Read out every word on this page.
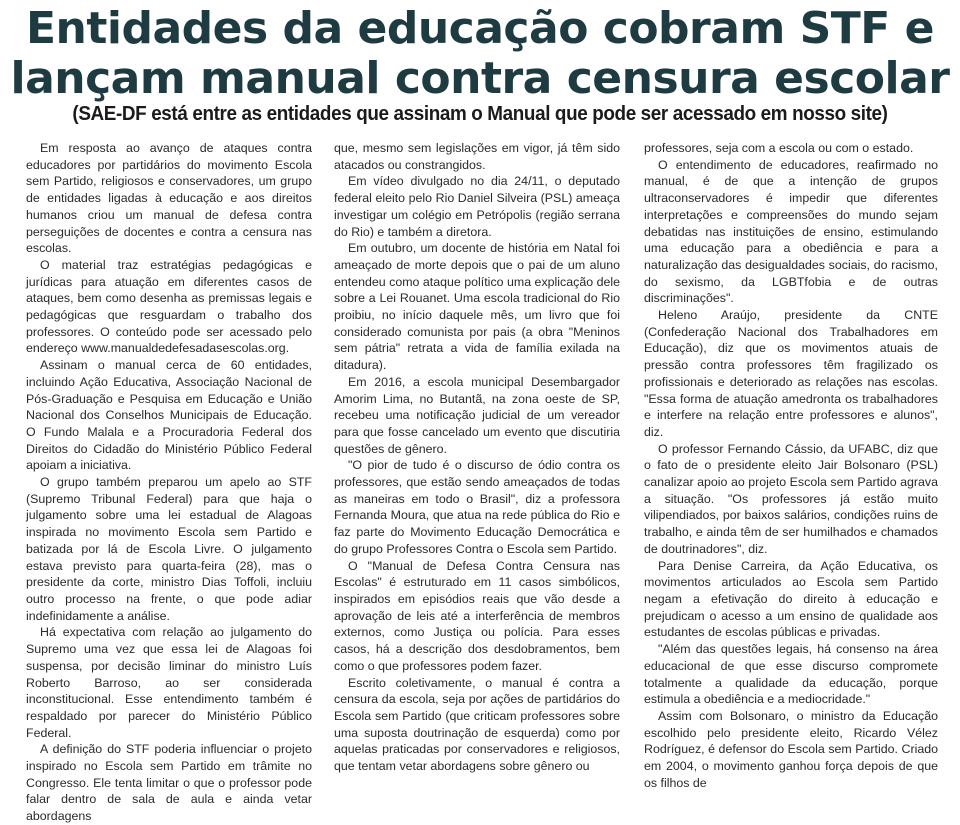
Entidades da educação cobram STF e
lançam manual contra censura escolar
(SAE-DF está entre as entidades que assinam o Manual que pode ser acessado em nosso site)

Em resposta ao avanço de ataques contra educadores por partidários do movimento Escola sem Partido, religiosos e conservadores, um grupo de entidades ligadas à educação e aos direitos humanos criou um manual de defesa contra perseguições de docentes e contra a censura nas escolas.

O material traz estratégias pedagógicas e jurídicas para atuação em diferentes casos de ataques, bem como desenha as premissas legais e pedagógicas que resguardam o trabalho dos professores. O conteúdo pode ser acessado pelo endereço www.manualdedefesadasescolas.org.

Assinam o manual cerca de 60 entidades, incluindo Ação Educativa, Associação Nacional de Pós-Graduação e Pesquisa em Educação e União Nacional dos Conselhos Municipais de Educação. O Fundo Malala e a Procuradoria Federal dos Direitos do Cidadão do Ministério Público Federal apoiam a iniciativa.

O grupo também preparou um apelo ao STF (Supremo Tribunal Federal) para que haja o julgamento sobre uma lei estadual de Alagoas inspirada no movimento Escola sem Partido e batizada por lá de Escola Livre. O julgamento estava previsto para quarta-feira (28), mas o presidente da corte, ministro Dias Toffoli, incluiu outro processo na frente, o que pode adiar indefinidamente a análise.

Há expectativa com relação ao julgamento do Supremo uma vez que essa lei de Alagoas foi suspensa, por decisão liminar do ministro Luís Roberto Barroso, ao ser considerada inconstitucional. Esse entendimento também é respaldado por parecer do Ministério Público Federal.

A definição do STF poderia influenciar o projeto inspirado no Escola sem Partido em trâmite no Congresso. Ele tenta limitar o que o professor pode falar dentro de sala de aula e ainda vetar abordagens

que, mesmo sem legislações em vigor, já têm sido atacados ou constrangidos.

Em vídeo divulgado no dia 24/11, o deputado federal eleito pelo Rio Daniel Silveira (PSL) ameaça investigar um colégio em Petrópolis (região serrana do Rio) e também a diretora.

Em outubro, um docente de história em Natal foi ameaçado de morte depois que o pai de um aluno entendeu como ataque político uma explicação dele sobre a Lei Rouanet. Uma escola tradicional do Rio proibiu, no início daquele mês, um livro que foi considerado comunista por pais (a obra "Meninos sem pátria" retrata a vida de família exilada na ditadura).

Em 2016, a escola municipal Desembargador Amorim Lima, no Butantã, na zona oeste de SP, recebeu uma notificação judicial de um vereador para que fosse cancelado um evento que discutiria questões de gênero.

"O pior de tudo é o discurso de ódio contra os professores, que estão sendo ameaçados de todas as maneiras em todo o Brasil", diz a professora Fernanda Moura, que atua na rede pública do Rio e faz parte do Movimento Educação Democrática e do grupo Professores Contra o Escola sem Partido.

O "Manual de Defesa Contra Censura nas Escolas" é estruturado em 11 casos simbólicos, inspirados em episódios reais que vão desde a aprovação de leis até a interferência de membros externos, como Justiça ou polícia. Para esses casos, há a descrição dos desdobramentos, bem como o que professores podem fazer.

Escrito coletivamente, o manual é contra a censura da escola, seja por ações de partidários do Escola sem Partido (que criticam professores sobre uma suposta doutrinação de esquerda) como por aquelas praticadas por conservadores e religiosos, que tentam vetar abordagens sobre gênero ou

professores, seja com a escola ou com o estado.

O entendimento de educadores, reafirmado no manual, é de que a intenção de grupos ultraconservadores é impedir que diferentes interpretações e compreensões do mundo sejam debatidas nas instituições de ensino, estimulando uma educação para a obediência e para a naturalização das desigualdades sociais, do racismo, do sexismo, da LGBTfobia e de outras discriminações".

Heleno Araújo, presidente da CNTE (Confederação Nacional dos Trabalhadores em Educação), diz que os movimentos atuais de pressão contra professores têm fragilizado os profissionais e deteriorado as relações nas escolas. "Essa forma de atuação amedronta os trabalhadores e interfere na relação entre professores e alunos", diz.

O professor Fernando Cássio, da UFABC, diz que o fato de o presidente eleito Jair Bolsonaro (PSL) canalizar apoio ao projeto Escola sem Partido agrava a situação. "Os professores já estão muito vilipendiados, por baixos salários, condições ruins de trabalho, e ainda têm de ser humilhados e chamados de doutrinadores", diz.

Para Denise Carreira, da Ação Educativa, os movimentos articulados ao Escola sem Partido negam a efetivação do direito à educação e prejudicam o acesso a um ensino de qualidade aos estudantes de escolas públicas e privadas.

"Além das questões legais, há consenso na área educacional de que esse discurso compromete totalmente a qualidade da educação, porque estimula a obediência e a mediocridade."

Assim com Bolsonaro, o ministro da Educação escolhido pelo presidente eleito, Ricardo Vélez Rodríguez, é defensor do Escola sem Partido. Criado em 2004, o movimento ganhou força depois de que os filhos de
